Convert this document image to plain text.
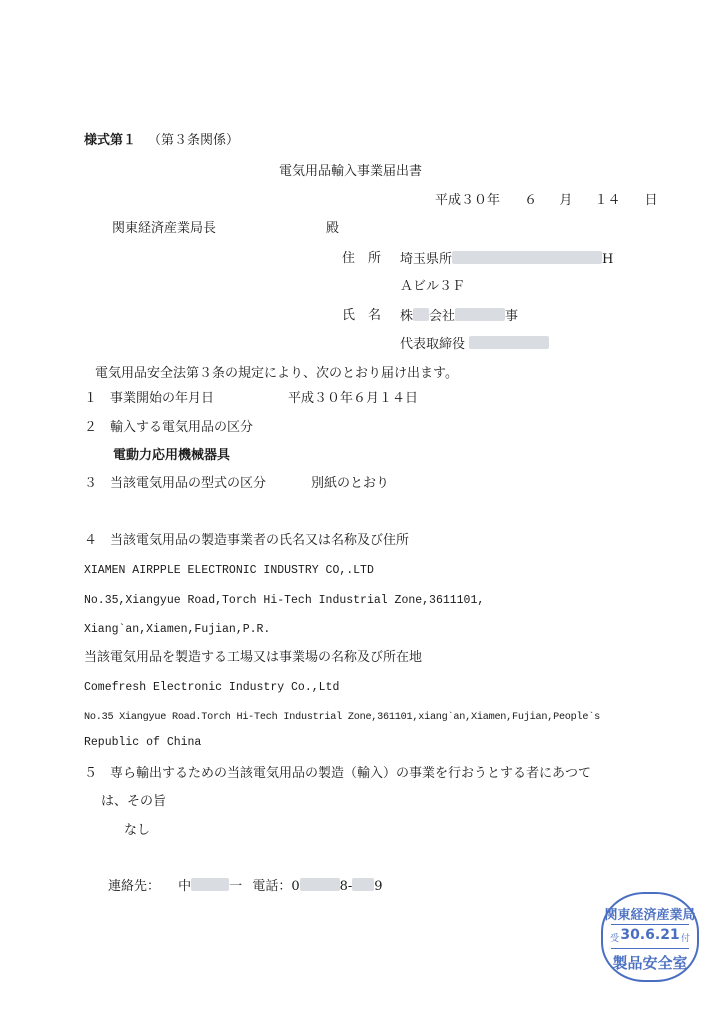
様式第１ （第３条関係）
電気用品輸入事業届出書
平成３０年 ６ 月 １４ 日
関東経済産業局長	殿
住　所 埼玉県所	H
Ａビル３Ｆ
氏　名 株 会社	事
代表取締役
電気用品安全法第３条の規定により、次のとおり届け出ます。
１　事業開始の年月日	平成３０年６月１４日
２　輸入する電気用品の区分
電動力応用機械器具
３　当該電気用品の型式の区分	別紙のとおり
４　当該電気用品の製造事業者の氏名又は名称及び住所
XIAMEN AIRPPLE ELECTRONIC INDUSTRY CO,.LTD
No.35,Xiangyue Road,Torch Hi-Tech Industrial Zone,3611101,
Xiang`an,Xiamen,Fujian,P.R.
当該電気用品を製造する工場又は事業場の名称及び所在地
Comefresh Electronic Industry Co.,Ltd
No.35 Xiangyue Road.Torch Hi-Tech Industrial Zone,361101,xiang`an,Xiamen,Fujian,People`s
Republic of China
５　専ら輸出するための当該電気用品の製造（輸入）の事業を行おうとする者にあつて
は、その旨
なし
連絡先： 中	一 電話：0	8- 9
関東経済産業局
受 30.6.21 付
製品安全室
